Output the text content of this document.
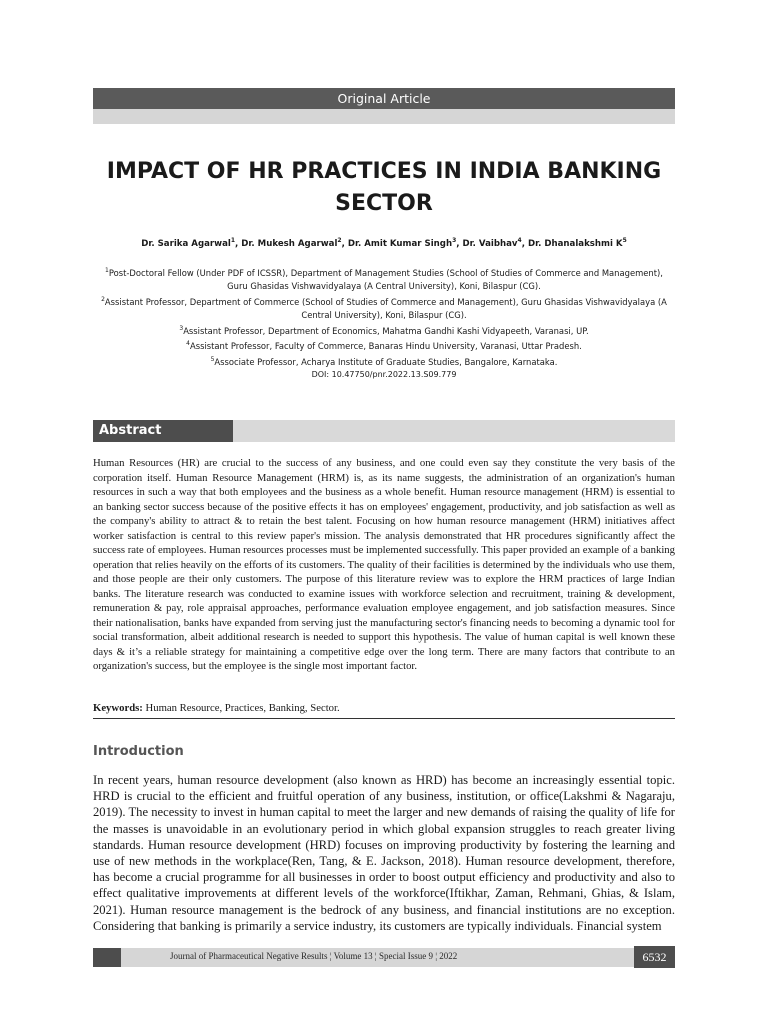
Original Article
IMPACT OF HR PRACTICES IN INDIA BANKING SECTOR
Dr. Sarika Agarwal$^1$, Dr. Mukesh Agarwal$^2$, Dr. Amit Kumar Singh$^3$, Dr. Vaibhav$^4$, Dr. Dhanalakshmi $K^5$
$^1$Post-Doctoral Fellow (Under PDF of ICSSR), Department of Management Studies (School of Studies of Commerce and Management), Guru Ghasidas Vishwavidyalaya (A Central University), Koni, Bilaspur (CG).
$^2$Assistant Professor, Department of Commerce (School of Studies of Commerce and Management), Guru Ghasidas Vishwavidyalaya (A Central University), Koni, Bilaspur (CG).
$^3$Assistant Professor, Department of Economics, Mahatma Gandhi Kashi Vidyapeeth, Varanasi, UP.
$^4$Assistant Professor, Faculty of Commerce, Banaras Hindu University, Varanasi, Uttar Pradesh.
$^5$Associate Professor, Acharya Institute of Graduate Studies, Bangalore, Karnataka.
DOI: 10.47750/pnr.2022.13.S09.779
Abstract

Human Resources (HR) are crucial to the success of any business, and one could even say they constitute the very basis of the corporation itself. Human Resource Management (HRM) is, as its name suggests, the administration of an organization's human resources in such a way that both employees and the business as a whole benefit. Human resource management (HRM) is essential to an banking sector success because of the positive effects it has on employees' engagement, productivity, and job satisfaction as well as the company's ability to attract & to retain the best talent. Focusing on how human resource management (HRM) initiatives affect worker satisfaction is central to this review paper's mission. The analysis demonstrated that HR procedures significantly affect the success rate of employees. Human resources processes must be implemented successfully. This paper provided an example of a banking operation that relies heavily on the efforts of its customers. The quality of their facilities is determined by the individuals who use them, and those people are their only customers. The purpose of this literature review was to explore the HRM practices of large Indian banks. The literature research was conducted to examine issues with workforce selection and recruitment, training & development, remuneration & pay, role appraisal approaches, performance evaluation employee engagement, and job satisfaction measures. Since their nationalisation, banks have expanded from serving just the manufacturing sector's financing needs to becoming a dynamic tool for social transformation, albeit additional research is needed to support this hypothesis. The value of human capital is well known these days & it’s a reliable strategy for maintaining a competitive edge over the long term. There are many factors that contribute to an organization's success, but the employee is the single most important factor.

Keywords: Human Resource, Practices, Banking, Sector.
Introduction

In recent years, human resource development (also known as HRD) has become an increasingly essential topic. HRD is crucial to the efficient and fruitful operation of any business, institution, or office(Lakshmi & Nagaraju, 2019). The necessity to invest in human capital to meet the larger and new demands of raising the quality of life for the masses is unavoidable in an evolutionary period in which global expansion struggles to reach greater living standards. Human resource development (HRD) focuses on improving productivity by fostering the learning and use of new methods in the workplace(Ren, Tang, & E. Jackson, 2018). Human resource development, therefore, has become a crucial programme for all businesses in order to boost output efficiency and productivity and also to effect qualitative improvements at different levels of the workforce(Iftikhar, Zaman, Rehmani, Ghias, & Islam, 2021). Human resource management is the bedrock of any business, and financial institutions are no exception. Considering that banking is primarily a service industry, its customers are typically individuals. Financial system

Journal of Pharmaceutical Negative Results ¦ Volume 13 ¦ Special Issue 9 ¦ 2022	6532
